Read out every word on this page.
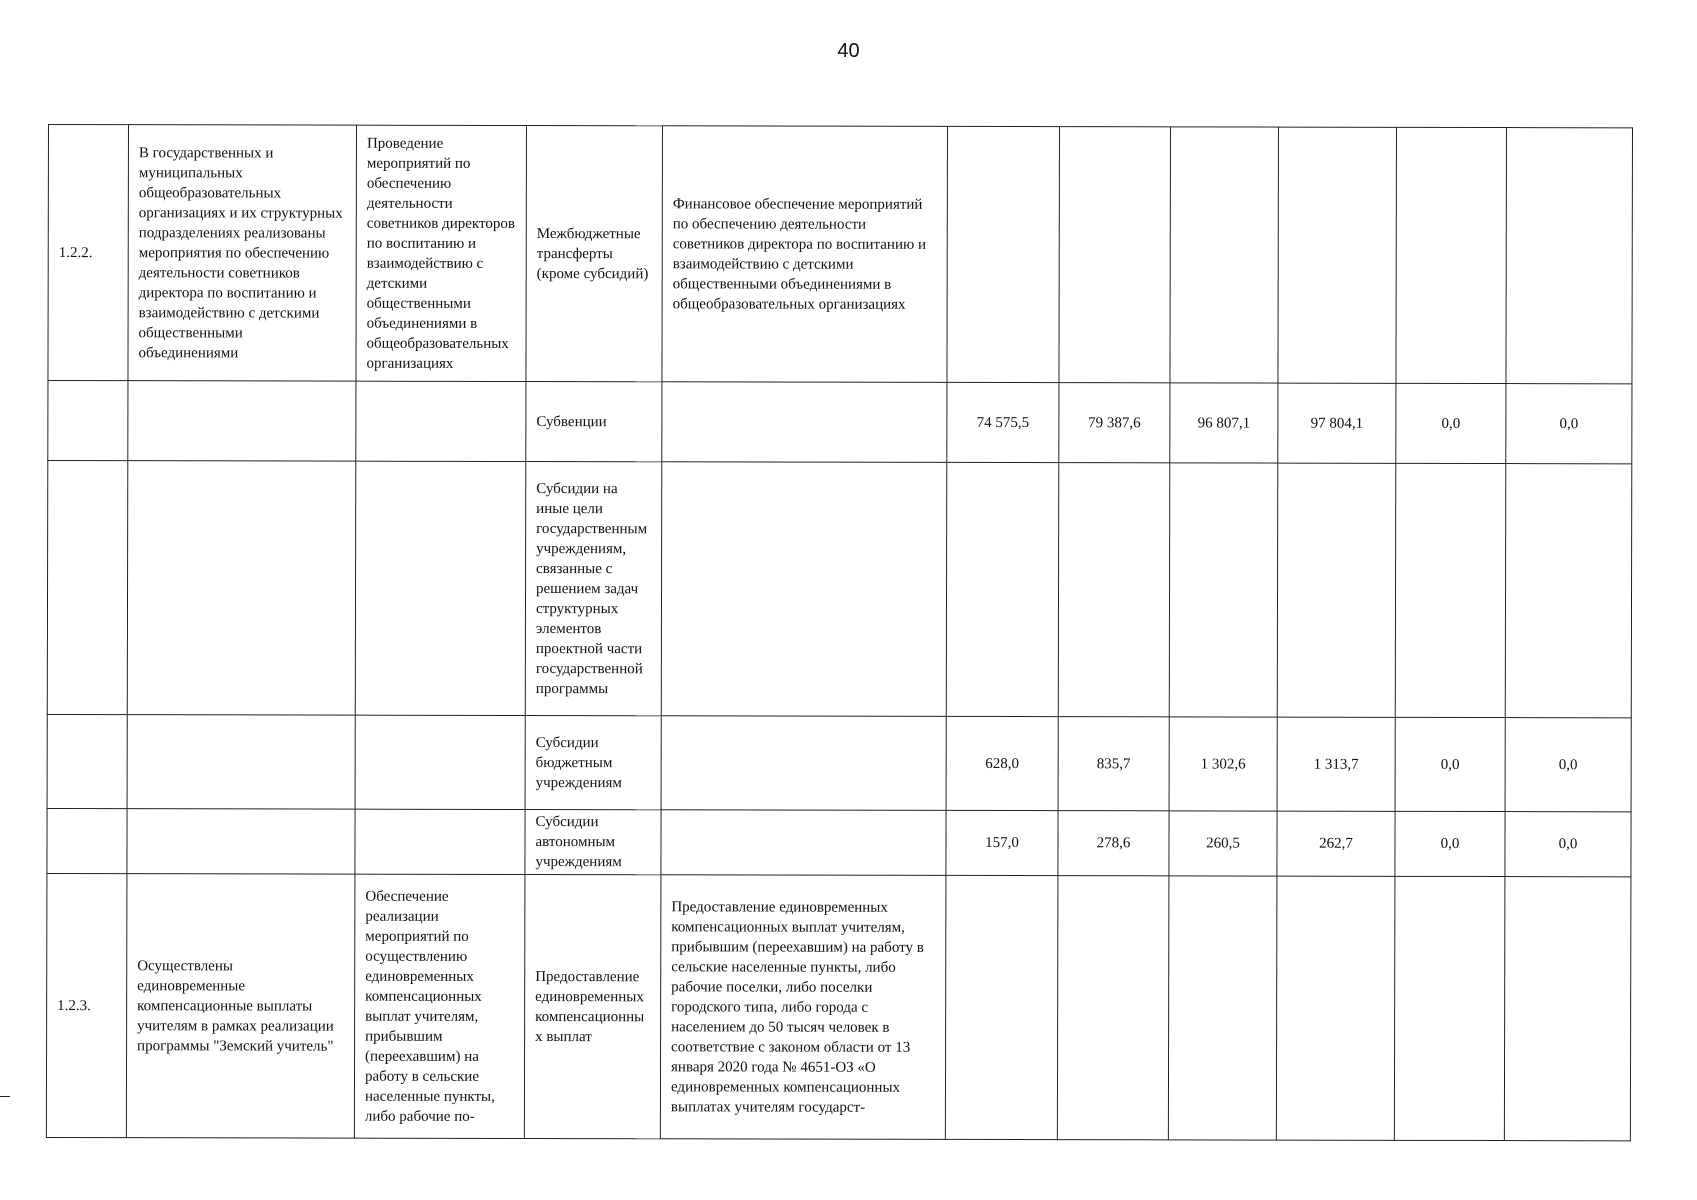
40
1.2.2.	В государственных и муниципальных общеобразовательных организациях и их структурных подразделениях реализованы мероприятия по обеспечению деятельности советников директора по воспитанию и взаимодействию с детскими общественными объединениями	Проведение мероприятий по обеспечению деятельности советников директоров по воспитанию и взаимодействию с детскими общественными объединениями в общеобразовательных организациях	Межбюджетные трансферты (кроме субсидий)	Финансовое обеспечение мероприятий по обеспечению деятельности советников директора по воспитанию и взаимодействию с детскими общественными объединениями в общеобразовательных организациях						
			Субвенции		74 575,5	79 387,6	96 807,1	97 804,1	0,0	0,0
			Субсидии на иные цели государственным учреждениям, связанные с решением задач структурных элементов проектной части государственной программы							
			Субсидии бюджетным учреждениям		628,0	835,7	1 302,6	1 313,7	0,0	0,0
			Субсидии автономным учреждениям		157,0	278,6	260,5	262,7	0,0	0,0
1.2.3.	Осуществлены единовременные компенсационные выплаты учителям в рамках реализации программы "Земский учитель"	Обеспечение реализации мероприятий по осуществлению единовременных компенсационных выплат учителям, прибывшим (переехавшим) на работу в сельские населенные пункты, либо рабочие по-	Предоставление единовременных компенсационных выплат	Предоставление единовременных компенсационных выплат учителям, прибывшим (переехавшим) на работу в сельские населенные пункты, либо рабочие поселки, либо поселки городского типа, либо города с населением до 50 тысяч человек в соответствие с законом области от 13 января 2020 года № 4651-ОЗ «О единовременных компенсационных выплатах учителям государст-						
